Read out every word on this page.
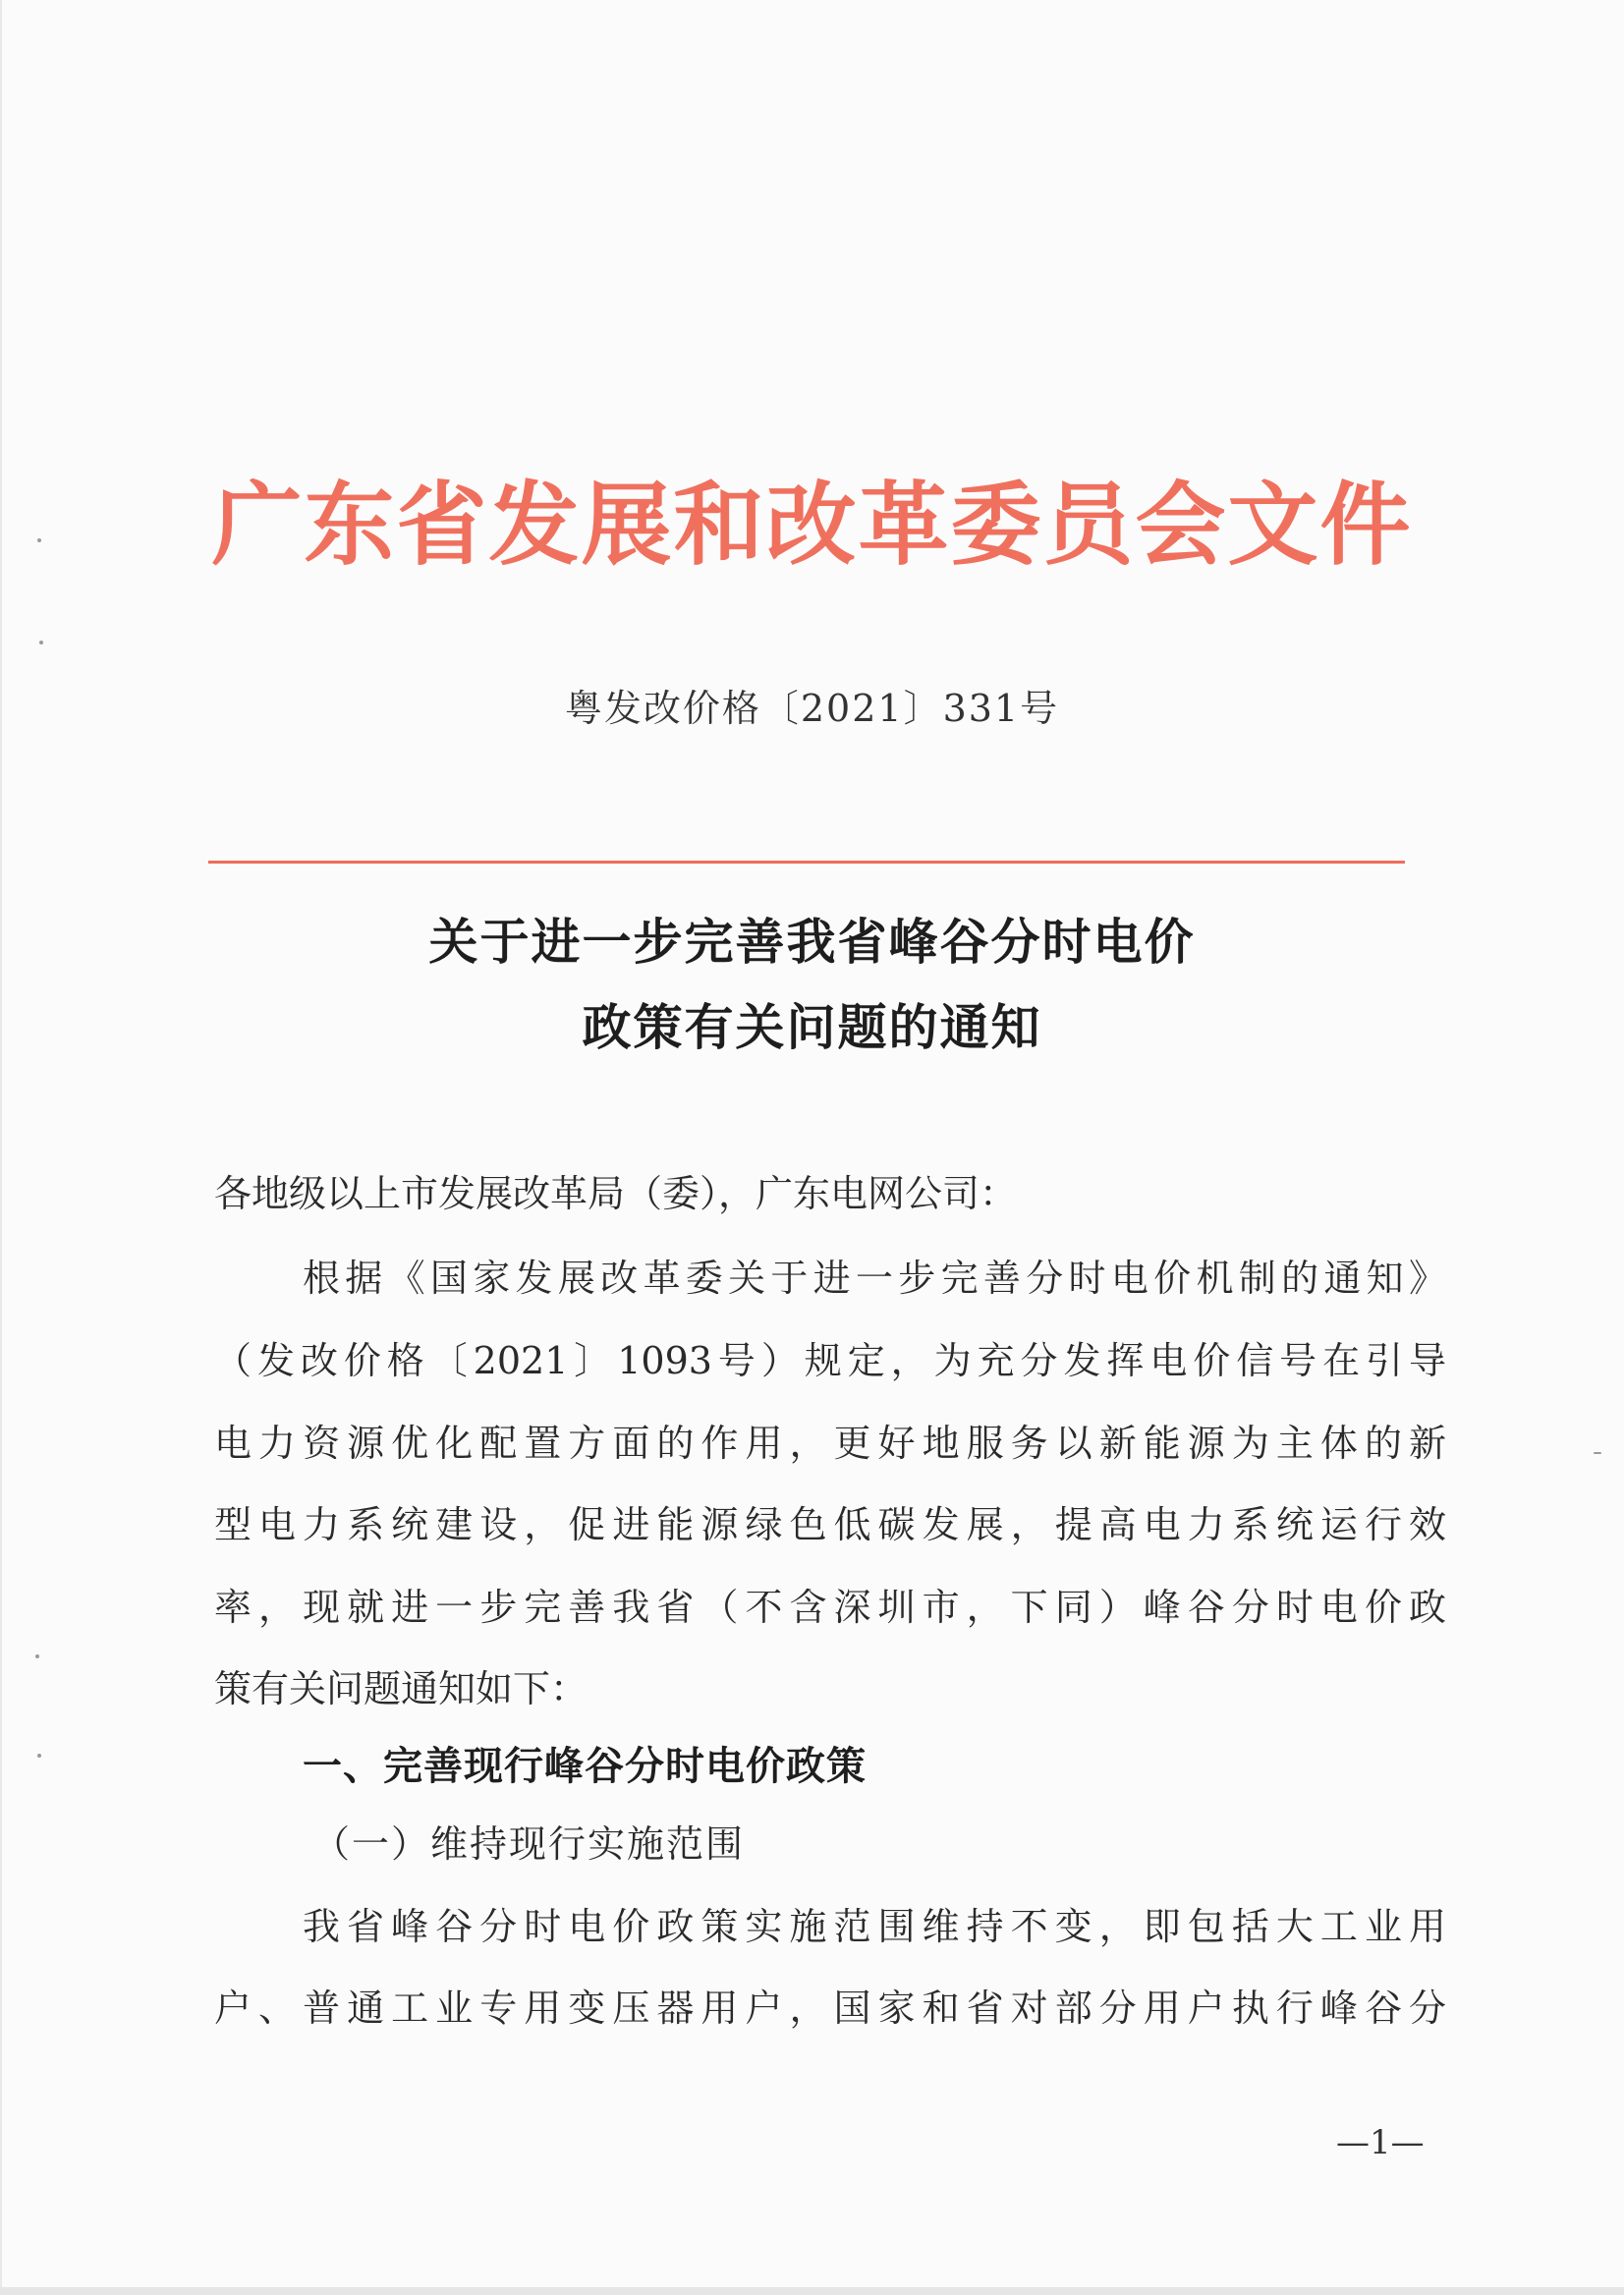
广东省发展和改革委员会文件
粤发改价格〔2021〕331号
关于进一步完善我省峰谷分时电价
政策有关问题的通知
各地级以上市发展改革局（委），广东电网公司：
根据《国家发展改革委关于进一步完善分时电价机制的通知》
（发改价格〔2021〕1093号）规定，为充分发挥电价信号在引导
电力资源优化配置方面的作用，更好地服务以新能源为主体的新
型电力系统建设，促进能源绿色低碳发展，提高电力系统运行效
率，现就进一步完善我省（不含深圳市，下同）峰谷分时电价政
策有关问题通知如下：
一、完善现行峰谷分时电价政策
（一）维持现行实施范围
我省峰谷分时电价政策实施范围维持不变，即包括大工业用
户、普通工业专用变压器用户，国家和省对部分用户执行峰谷分
—1—
